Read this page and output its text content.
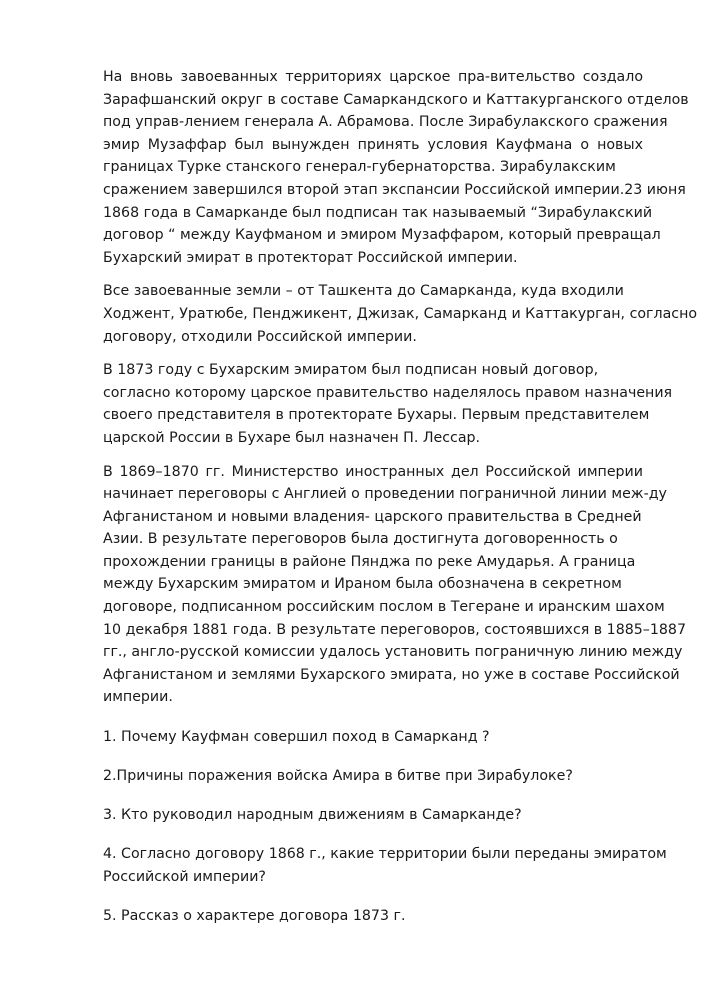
На вновь завоеванных территориях царское пра-вительство создало
Зарафшанский округ в составе Самаркандского и Каттакурганского отделов
под управ-лением генерала А. Абрамова. После Зирабулакского сражения
эмир Музаффар был вынужден принять условия Кауфмана о новых
границах Турке станского генерал-губернаторства. Зирабулакским
сражением завершился второй этап экспансии Российской империи.23 июня
1868 года в Самарканде был подписан так называемый “Зирабулакский
договор “ между Кауфманом и эмиром Музаффаром, который превращал
Бухарский эмират в протекторат Российской империи.
Все завоеванные земли – от Ташкента до Самарканда, куда входили
Ходжент, Уратюбе, Пенджикент, Джизак, Самарканд и Каттакурган, согласно
договору, отходили Российской империи.
В 1873 году с Бухарским эмиратом был подписан новый договор,
согласно которому царское правительство наделялось правом назначения
своего представителя в протекторате Бухары. Первым представителем
царской России в Бухаре был назначен П. Лессар.
В 1869–1870 гг. Министерство иностранных дел Российской империи
начинает переговоры с Англией о проведении пограничной линии меж-ду
Афганистаном и новыми владения- царского правительства в Средней
Азии. В результате переговоров была достигнута договоренность о
прохождении границы в районе Пянджа по реке Амударья. А граница
между Бухарским эмиратом и Ираном была обозначена в секретном
договоре, подписанном российским послом в Тегеране и иранским шахом
10 декабря 1881 года. В результате переговоров, состоявшихся в 1885–1887
гг., англо-русской комиссии удалось установить пограничную линию между
Афганистаном и землями Бухарского эмирата, но уже в составе Российской
империи.
1. Почему Кауфман совершил поход в Самарканд ?
2.Причины поражения войска Амира в битве при Зирабулоке?
3. Кто руководил народным движениям в Самарканде?
4. Согласно договору 1868 г., какие территории были переданы эмиратом
Российской империи?
5. Рассказ о характере договора 1873 г.
